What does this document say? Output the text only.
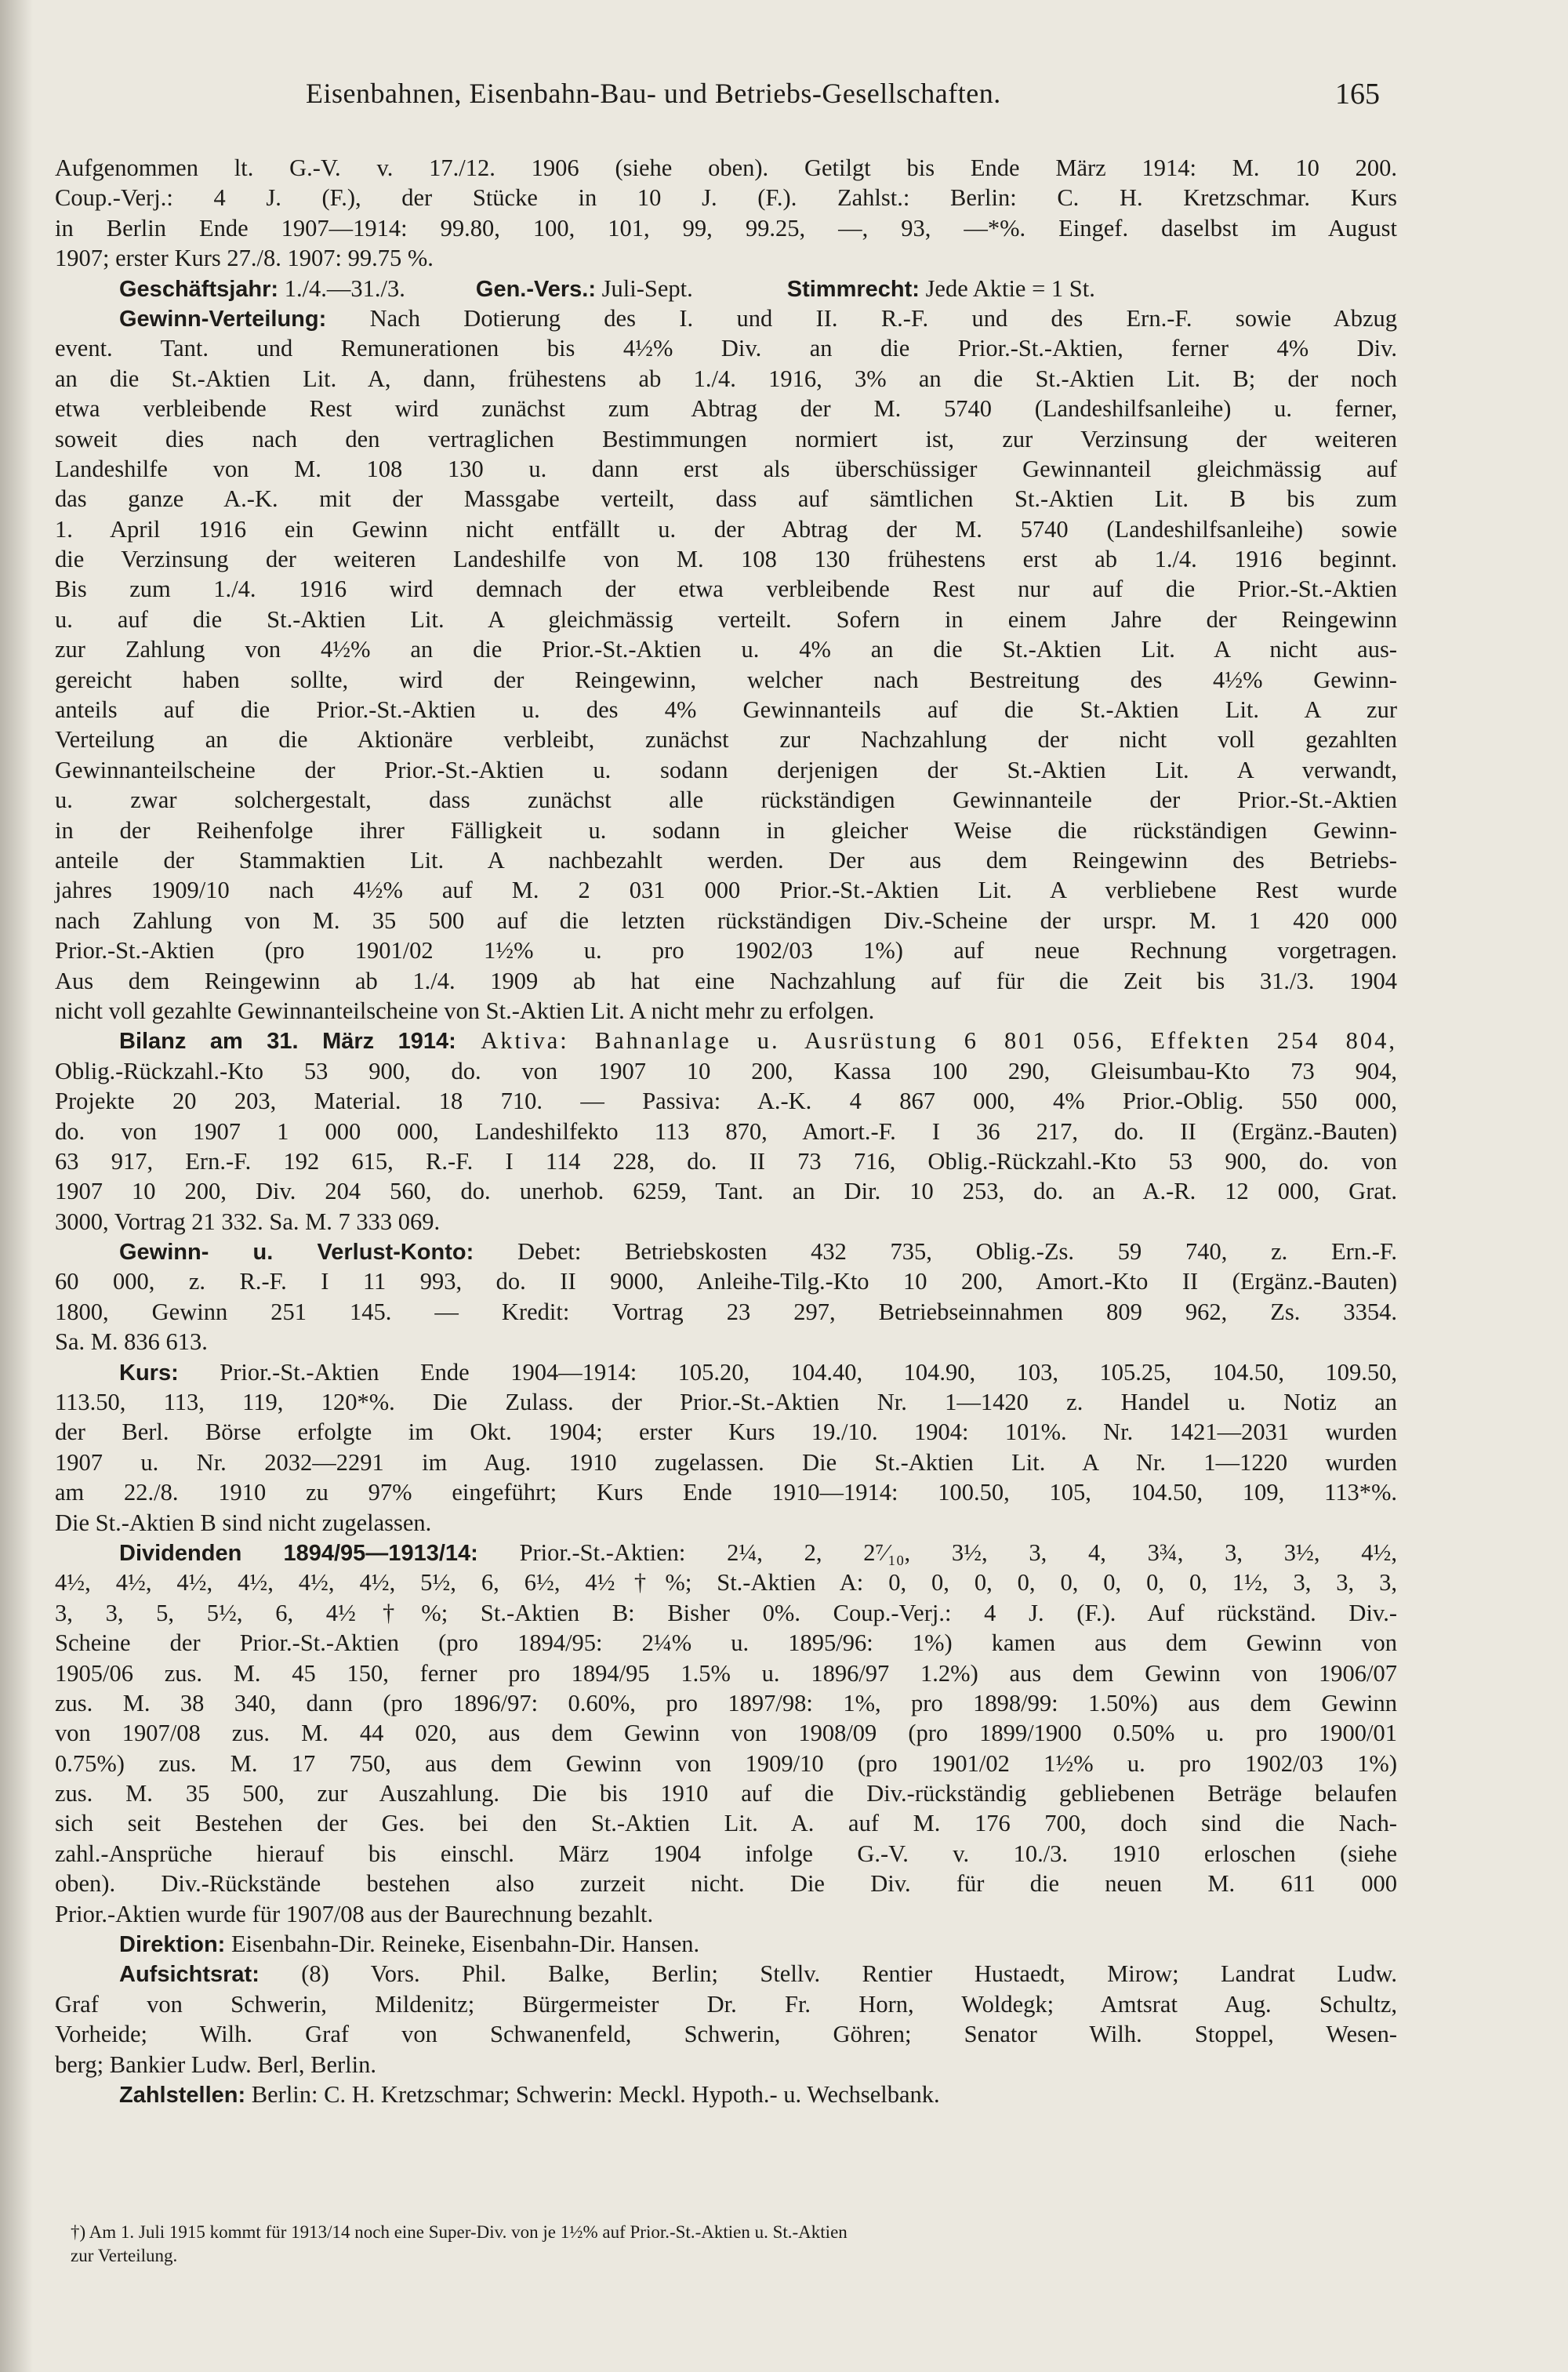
Eisenbahnen, Eisenbahn-Bau- und Betriebs-Gesellschaften.	165
Aufgenommen lt. G.-V. v. 17./12. 1906 (siehe oben). Getilgt bis Ende März 1914: M. 10 200.
Coup.-Verj.: 4 J. (F.), der Stücke in 10 J. (F.). Zahlst.: Berlin: C. H. Kretzschmar. Kurs
in Berlin Ende 1907—1914: 99.80, 100, 101, 99, 99.25, —, 93, —*%. Eingef. daselbst im August
1907; erster Kurs 27./8. 1907: 99.75 %.
Geschäftsjahr: 1./4.—31./3.	Gen.-Vers.: Juli-Sept.	Stimmrecht: Jede Aktie = 1 St.
Gewinn-Verteilung: Nach Dotierung des I. und II. R.-F. und des Ern.-F. sowie Abzug
event. Tant. und Remunerationen bis 4½% Div. an die Prior.-St.-Aktien, ferner 4% Div.
an die St.-Aktien Lit. A, dann, frühestens ab 1./4. 1916, 3% an die St.-Aktien Lit. B; der noch
etwa verbleibende Rest wird zunächst zum Abtrag der M. 5740 (Landeshilfsanleihe) u. ferner,
soweit dies nach den vertraglichen Bestimmungen normiert ist, zur Verzinsung der weiteren
Landeshilfe von M. 108 130 u. dann erst als überschüssiger Gewinnanteil gleichmässig auf
das ganze A.-K. mit der Massgabe verteilt, dass auf sämtlichen St.-Aktien Lit. B bis zum
1. April 1916 ein Gewinn nicht entfällt u. der Abtrag der M. 5740 (Landeshilfsanleihe) sowie
die Verzinsung der weiteren Landeshilfe von M. 108 130 frühestens erst ab 1./4. 1916 beginnt.
Bis zum 1./4. 1916 wird demnach der etwa verbleibende Rest nur auf die Prior.-St.-Aktien
u. auf die St.-Aktien Lit. A gleichmässig verteilt. Sofern in einem Jahre der Reingewinn
zur Zahlung von 4½% an die Prior.-St.-Aktien u. 4% an die St.-Aktien Lit. A nicht aus-
gereicht haben sollte, wird der Reingewinn, welcher nach Bestreitung des 4½% Gewinn-
anteils auf die Prior.-St.-Aktien u. des 4% Gewinnanteils auf die St.-Aktien Lit. A zur
Verteilung an die Aktionäre verbleibt, zunächst zur Nachzahlung der nicht voll gezahlten
Gewinnanteilscheine der Prior.-St.-Aktien u. sodann derjenigen der St.-Aktien Lit. A verwandt,
u. zwar solchergestalt, dass zunächst alle rückständigen Gewinnanteile der Prior.-St.-Aktien
in der Reihenfolge ihrer Fälligkeit u. sodann in gleicher Weise die rückständigen Gewinn-
anteile der Stammaktien Lit. A nachbezahlt werden. Der aus dem Reingewinn des Betriebs-
jahres 1909/10 nach 4½% auf M. 2 031 000 Prior.-St.-Aktien Lit. A verbliebene Rest wurde
nach Zahlung von M. 35 500 auf die letzten rückständigen Div.-Scheine der urspr. M. 1 420 000
Prior.-St.-Aktien (pro 1901/02 1½% u. pro 1902/03 1%) auf neue Rechnung vorgetragen.
Aus dem Reingewinn ab 1./4. 1909 ab hat eine Nachzahlung auf für die Zeit bis 31./3. 1904
nicht voll gezahlte Gewinnanteilscheine von St.-Aktien Lit. A nicht mehr zu erfolgen.
Bilanz am 31. März 1914: Aktiva: Bahnanlage u. Ausrüstung 6 801 056, Effekten 254 804,
Oblig.-Rückzahl.-Kto 53 900, do. von 1907 10 200, Kassa 100 290, Gleisumbau-Kto 73 904,
Projekte 20 203, Material. 18 710. — Passiva: A.-K. 4 867 000, 4% Prior.-Oblig. 550 000,
do. von 1907 1 000 000, Landeshilfekto 113 870, Amort.-F. I 36 217, do. II (Ergänz.-Bauten)
63 917, Ern.-F. 192 615, R.-F. I 114 228, do. II 73 716, Oblig.-Rückzahl.-Kto 53 900, do. von
1907 10 200, Div. 204 560, do. unerhob. 6259, Tant. an Dir. 10 253, do. an A.-R. 12 000, Grat.
3000, Vortrag 21 332. Sa. M. 7 333 069.
Gewinn- u. Verlust-Konto: Debet: Betriebskosten 432 735, Oblig.-Zs. 59 740, z. Ern.-F.
60 000, z. R.-F. I 11 993, do. II 9000, Anleihe-Tilg.-Kto 10 200, Amort.-Kto II (Ergänz.-Bauten)
1800, Gewinn 251 145. — Kredit: Vortrag 23 297, Betriebseinnahmen 809 962, Zs. 3354.
Sa. M. 836 613.
Kurs: Prior.-St.-Aktien Ende 1904—1914: 105.20, 104.40, 104.90, 103, 105.25, 104.50, 109.50,
113.50, 113, 119, 120*%. Die Zulass. der Prior.-St.-Aktien Nr. 1—1420 z. Handel u. Notiz an
der Berl. Börse erfolgte im Okt. 1904; erster Kurs 19./10. 1904: 101%. Nr. 1421—2031 wurden
1907 u. Nr. 2032—2291 im Aug. 1910 zugelassen. Die St.-Aktien Lit. A Nr. 1—1220 wurden
am 22./8. 1910 zu 97% eingeführt; Kurs Ende 1910—1914: 100.50, 105, 104.50, 109, 113*%.
Die St.-Aktien B sind nicht zugelassen.
Dividenden 1894/95—1913/14: Prior.-St.-Aktien: 2¼, 2, 2⁷⁄₁₀, 3½, 3, 4, 3¾, 3, 3½, 4½,
4½, 4½, 4½, 4½, 4½, 4½, 5½, 6, 6½, 4½†%; St.-Aktien A: 0, 0, 0, 0, 0, 0, 0, 0, 1½, 3, 3, 3,
3, 3, 5, 5½, 6, 4½†%; St.-Aktien B: Bisher 0%. Coup.-Verj.: 4 J. (F.). Auf rückständ. Div.-
Scheine der Prior.-St.-Aktien (pro 1894/95: 2¼% u. 1895/96: 1%) kamen aus dem Gewinn von
1905/06 zus. M. 45 150, ferner pro 1894/95 1.5% u. 1896/97 1.2%) aus dem Gewinn von 1906/07
zus. M. 38 340, dann (pro 1896/97: 0.60%, pro 1897/98: 1%, pro 1898/99: 1.50%) aus dem Gewinn
von 1907/08 zus. M. 44 020, aus dem Gewinn von 1908/09 (pro 1899/1900 0.50% u. pro 1900/01
0.75%) zus. M. 17 750, aus dem Gewinn von 1909/10 (pro 1901/02 1½% u. pro 1902/03 1%)
zus. M. 35 500, zur Auszahlung. Die bis 1910 auf die Div.-rückständig gebliebenen Beträge belaufen
sich seit Bestehen der Ges. bei den St.-Aktien Lit. A. auf M. 176 700, doch sind die Nach-
zahl.-Ansprüche hierauf bis einschl. März 1904 infolge G.-V. v. 10./3. 1910 erloschen (siehe
oben). Div.-Rückstände bestehen also zurzeit nicht. Die Div. für die neuen M. 611 000
Prior.-Aktien wurde für 1907/08 aus der Baurechnung bezahlt.
Direktion: Eisenbahn-Dir. Reineke, Eisenbahn-Dir. Hansen.
Aufsichtsrat: (8) Vors. Phil. Balke, Berlin; Stellv. Rentier Hustaedt, Mirow; Landrat Ludw.
Graf von Schwerin, Mildenitz; Bürgermeister Dr. Fr. Horn, Woldegk; Amtsrat Aug. Schultz,
Vorheide; Wilh. Graf von Schwanenfeld, Schwerin, Göhren; Senator Wilh. Stoppel, Wesen-
berg; Bankier Ludw. Berl, Berlin.
Zahlstellen: Berlin: C. H. Kretzschmar; Schwerin: Meckl. Hypoth.- u. Wechselbank.
†) Am 1. Juli 1915 kommt für 1913/14 noch eine Super-Div. von je 1½% auf Prior.-St.-Aktien u. St.-Aktien
zur Verteilung.
